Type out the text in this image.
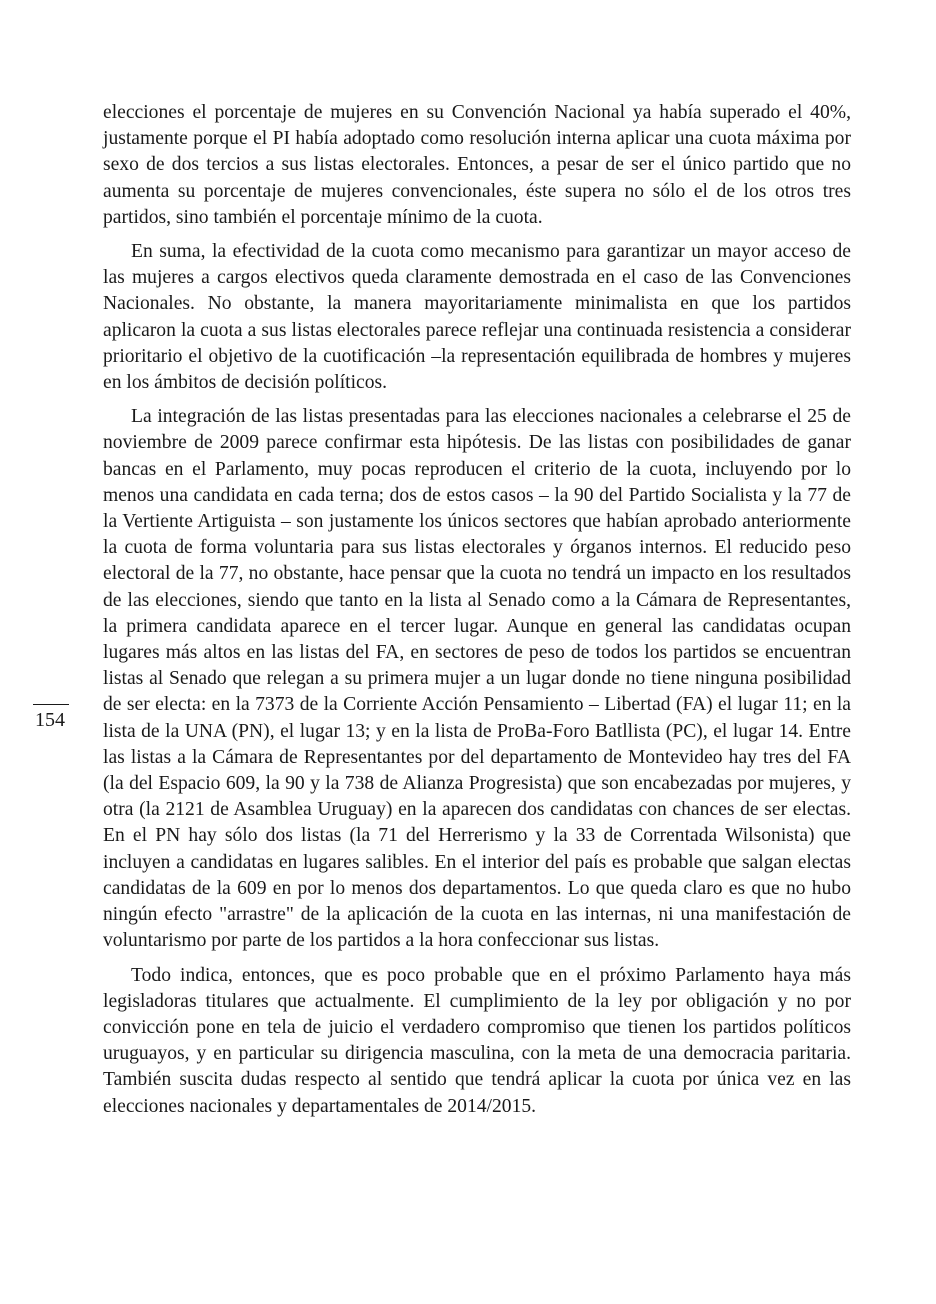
elecciones el porcentaje de mujeres en su Convención Nacional ya había superado el 40%, justamente porque el PI había adoptado como resolución interna aplicar una cuota máxima por sexo de dos tercios a sus listas electorales. Entonces, a pesar de ser el único partido que no aumenta su porcentaje de mujeres convencionales, éste supera no sólo el de los otros tres partidos, sino también el porcentaje mínimo de la cuota.

En suma, la efectividad de la cuota como mecanismo para garantizar un mayor acceso de las mujeres a cargos electivos queda claramente demostrada en el caso de las Convenciones Nacionales. No obstante, la manera mayoritariamente minimalista en que los partidos aplicaron la cuota a sus listas electorales parece reflejar una continuada resistencia a considerar prioritario el objetivo de la cuotificación –la representación equilibrada de hombres y mujeres en los ámbitos de decisión políticos.

La integración de las listas presentadas para las elecciones nacionales a celebrarse el 25 de noviembre de 2009 parece confirmar esta hipótesis. De las listas con posibilidades de ganar bancas en el Parlamento, muy pocas reproducen el criterio de la cuota, incluyendo por lo menos una candidata en cada terna; dos de estos casos – la 90 del Partido Socialista y la 77 de la Vertiente Artiguista – son justamente los únicos sectores que habían aprobado anteriormente la cuota de forma voluntaria para sus listas electorales y órganos internos. El reducido peso electoral de la 77, no obstante, hace pensar que la cuota no tendrá un impacto en los resultados de las elecciones, siendo que tanto en la lista al Senado como a la Cámara de Representantes, la primera candidata aparece en el tercer lugar. Aunque en general las candidatas ocupan lugares más altos en las listas del FA, en sectores de peso de todos los partidos se encuentran listas al Senado que relegan a su primera mujer a un lugar donde no tiene ninguna posibilidad de ser electa: en la 7373 de la Corriente Acción Pensamiento – Libertad (FA) el lugar 11; en la lista de la UNA (PN), el lugar 13; y en la lista de ProBa-Foro Batllista (PC), el lugar 14. Entre las listas a la Cámara de Representantes por del departamento de Montevideo hay tres del FA (la del Espacio 609, la 90 y la 738 de Alianza Progresista) que son encabezadas por mujeres, y otra (la 2121 de Asamblea Uruguay) en la aparecen dos candidatas con chances de ser electas. En el PN hay sólo dos listas (la 71 del Herrerismo y la 33 de Correntada Wilsonista) que incluyen a candidatas en lugares salibles. En el interior del país es probable que salgan electas candidatas de la 609 en por lo menos dos departamentos. Lo que queda claro es que no hubo ningún efecto "arrastre" de la aplicación de la cuota en las internas, ni una manifestación de voluntarismo por parte de los partidos a la hora confeccionar sus listas.

Todo indica, entonces, que es poco probable que en el próximo Parlamento haya más legisladoras titulares que actualmente. El cumplimiento de la ley por obligación y no por convicción pone en tela de juicio el verdadero compromiso que tienen los partidos políticos uruguayos, y en particular su dirigencia masculina, con la meta de una democracia paritaria. También suscita dudas respecto al sentido que tendrá aplicar la cuota por única vez en las elecciones nacionales y departamentales de 2014/2015.

154
